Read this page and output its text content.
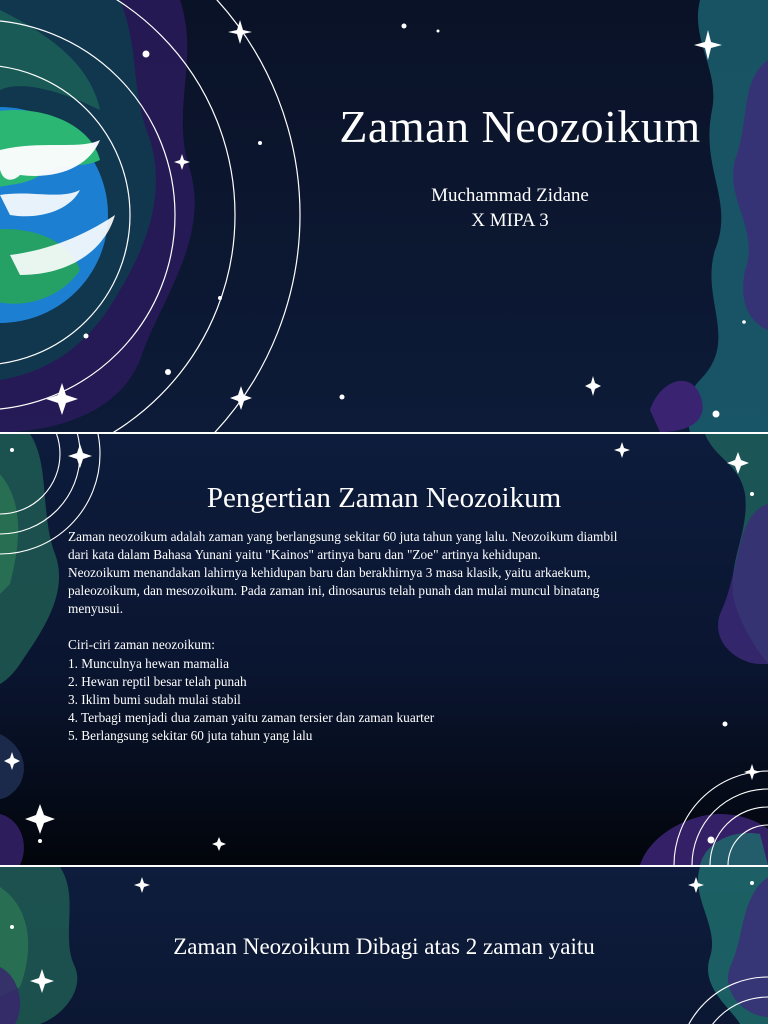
Zaman Neozoikum
Muchammad Zidane
X MIPA 3
Pengertian Zaman Neozoikum

Zaman neozoikum adalah zaman yang berlangsung sekitar 60 juta tahun yang lalu. Neozoikum diambil

dari kata dalam Bahasa Yunani yaitu "Kainos" artinya baru dan "Zoe" artinya kehidupan.

Neozoikum menandakan lahirnya kehidupan baru dan berakhirnya 3 masa klasik, yaitu arkaekum,

paleozoikum, dan mesozoikum. Pada zaman ini, dinosaurus telah punah dan mulai muncul binatang

menyusui.

Ciri-ciri zaman neozoikum:

1. Munculnya hewan mamalia
2. Hewan reptil besar telah punah
3. Iklim bumi sudah mulai stabil
4. Terbagi menjadi dua zaman yaitu zaman tersier dan zaman kuarter
5. Berlangsung sekitar 60 juta tahun yang lalu
Zaman Neozoikum Dibagi atas 2 zaman yaitu
